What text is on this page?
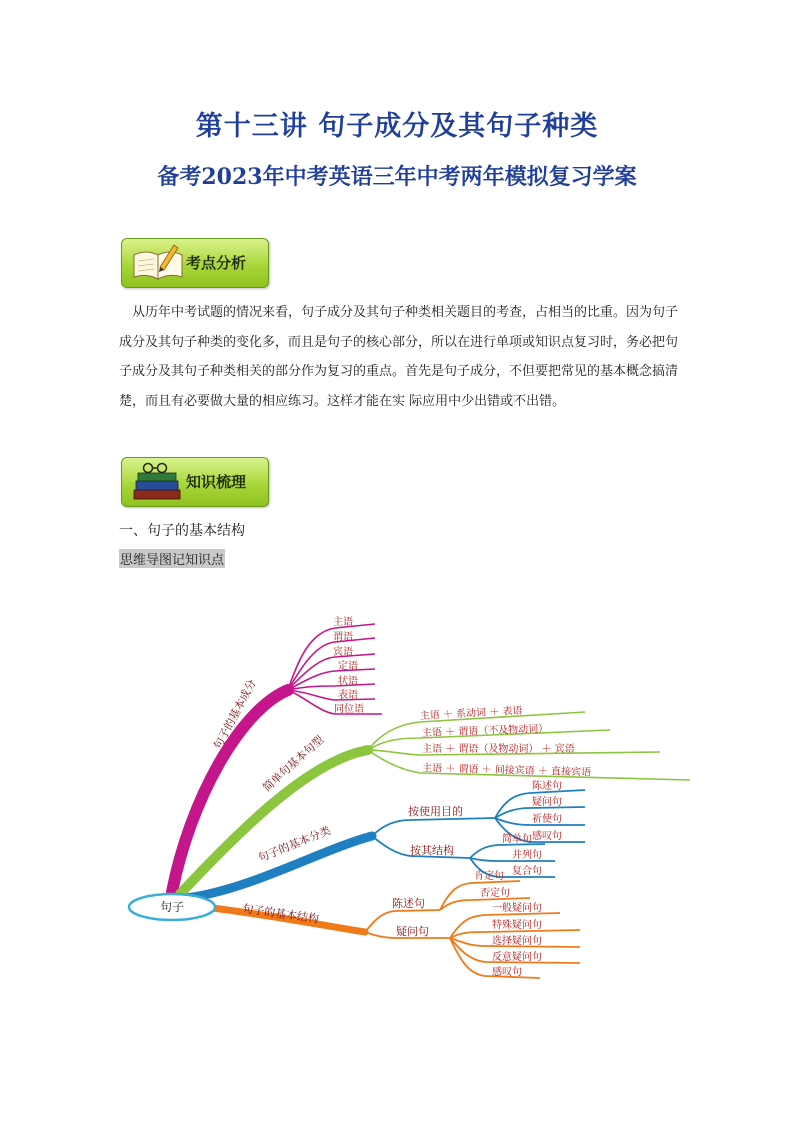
第十三讲 句子成分及其句子种类
备考2023年中考英语三年中考两年模拟复习学案
考点分析
从历年中考试题的情况来看，句子成分及其句子种类相关题目的考查，占相当的比重。因为句子成分及其句子种类的变化多，而且是句子的核心部分，所以在进行单项或知识点复习时，务必把句子成分及其句子种类相关的部分作为复习的重点。首先是句子成分，不但要把常见的基本概念搞清楚，而且有必要做大量的相应练习。这样才能在实 际应用中少出错或不出错。
知识梳理
一、句子的基本结构
思维导图记知识点
句子
句子的基本成分
简单句基本句型
句子的基本分类
句子的基本结构
主语
谓语
宾语
定语
状语
表语
同位语	主语 ＋ 系动词 ＋ 表语
主语 ＋ 谓语（不及物动词）
主语 ＋ 谓语（及物动词） ＋ 宾语
主语 ＋ 谓语 ＋ 间接宾语 ＋ 直接宾语
按使用目的
按其结构
陈述句
疑问句
祈使句
感叹句
简单句
并列句
复合句
陈述句
疑问句
肯定句
否定句
一般疑问句
特殊疑问句
选择疑问句
反意疑问句
感叹句
